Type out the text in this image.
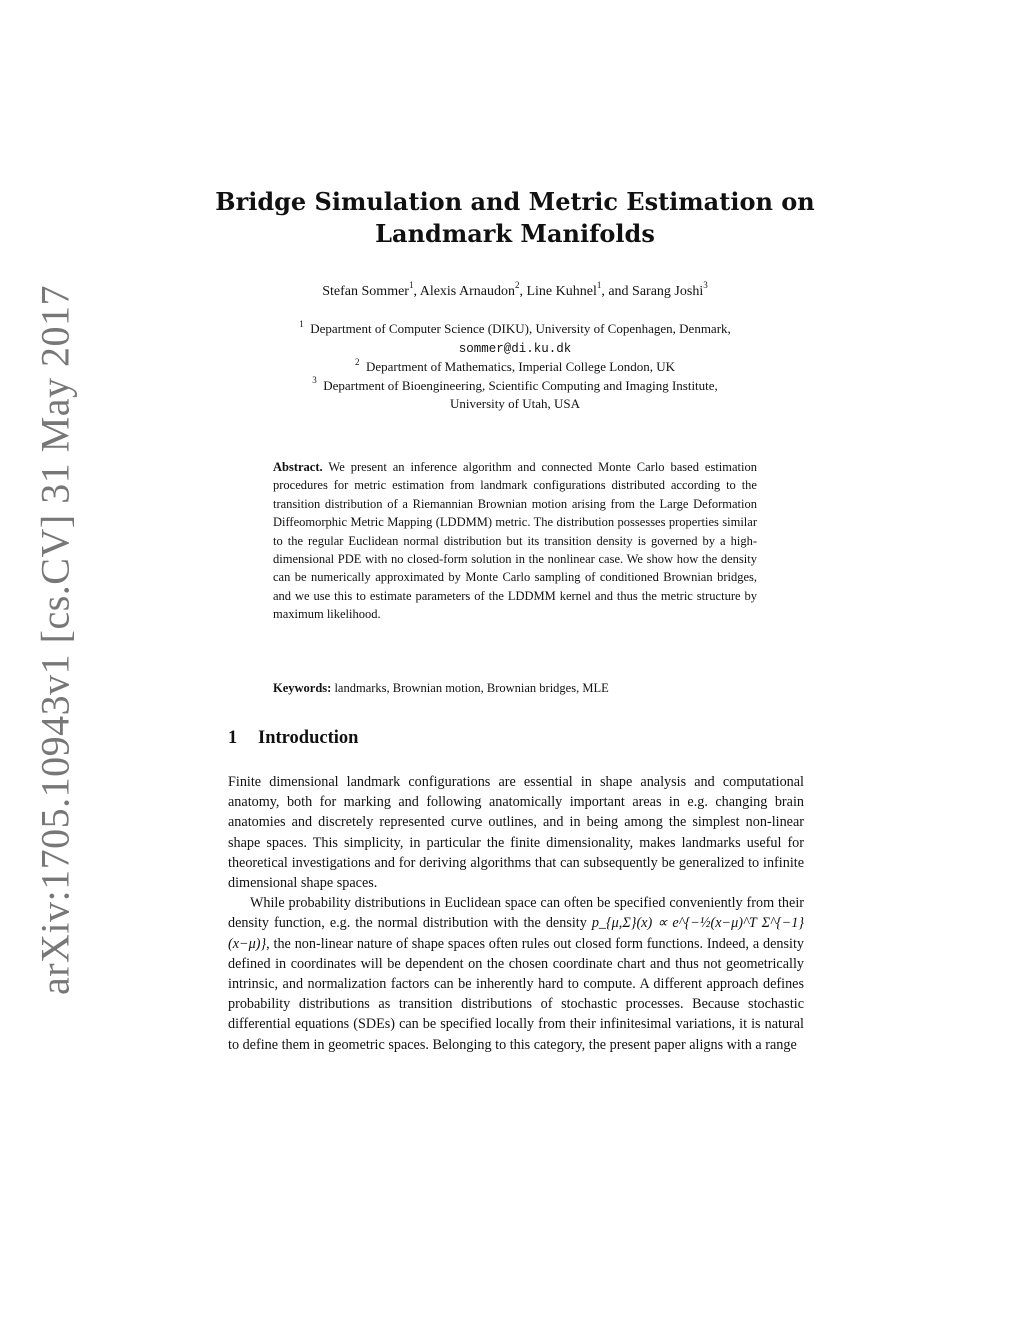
arXiv:1705.10943v1 [cs.CV] 31 May 2017
Bridge Simulation and Metric Estimation on
Landmark Manifolds
Stefan Sommer$^1$, Alexis Arnaudon$^2$, Line Kuhnel$^1$, and Sarang Joshi$^3$
$^1$ Department of Computer Science (DIKU), University of Copenhagen, Denmark,
sommer@di.ku.dk
$^2$ Department of Mathematics, Imperial College London, UK
$^3$ Department of Bioengineering, Scientific Computing and Imaging Institute,
University of Utah, USA
Abstract. We present an inference algorithm and connected Monte Carlo based estimation procedures for metric estimation from landmark configurations distributed according to the transition distribution of a Riemannian Brownian motion arising from the Large Deformation Diffeomorphic Metric Mapping (LDDMM) metric. The distribution possesses properties similar to the regular Euclidean normal distribution but its transition density is governed by a high-dimensional PDE with no closed-form solution in the nonlinear case. We show how the density can be numerically approximated by Monte Carlo sampling of conditioned Brownian bridges, and we use this to estimate parameters of the LDDMM kernel and thus the metric structure by maximum likelihood.
Keywords: landmarks, Brownian motion, Brownian bridges, MLE
1 Introduction

Finite dimensional landmark configurations are essential in shape analysis and computational anatomy, both for marking and following anatomically important areas in e.g. changing brain anatomies and discretely represented curve outlines, and in being among the simplest non-linear shape spaces. This simplicity, in particular the finite dimensionality, makes landmarks useful for theoretical investigations and for deriving algorithms that can subsequently be generalized to infinite dimensional shape spaces.

While probability distributions in Euclidean space can often be specified conveniently from their density function, e.g. the normal distribution with the density p_{μ,Σ}(x) ∝ e^{−½(x−μ)^T Σ^{−1}(x−μ)}, the non-linear nature of shape spaces often rules out closed form functions. Indeed, a density defined in coordinates will be dependent on the chosen coordinate chart and thus not geometrically intrinsic, and normalization factors can be inherently hard to compute. A different approach defines probability distributions as transition distributions of stochastic processes. Because stochastic differential equations (SDEs) can be specified locally from their infinitesimal variations, it is natural to define them in geometric spaces. Belonging to this category, the present paper aligns with a range
